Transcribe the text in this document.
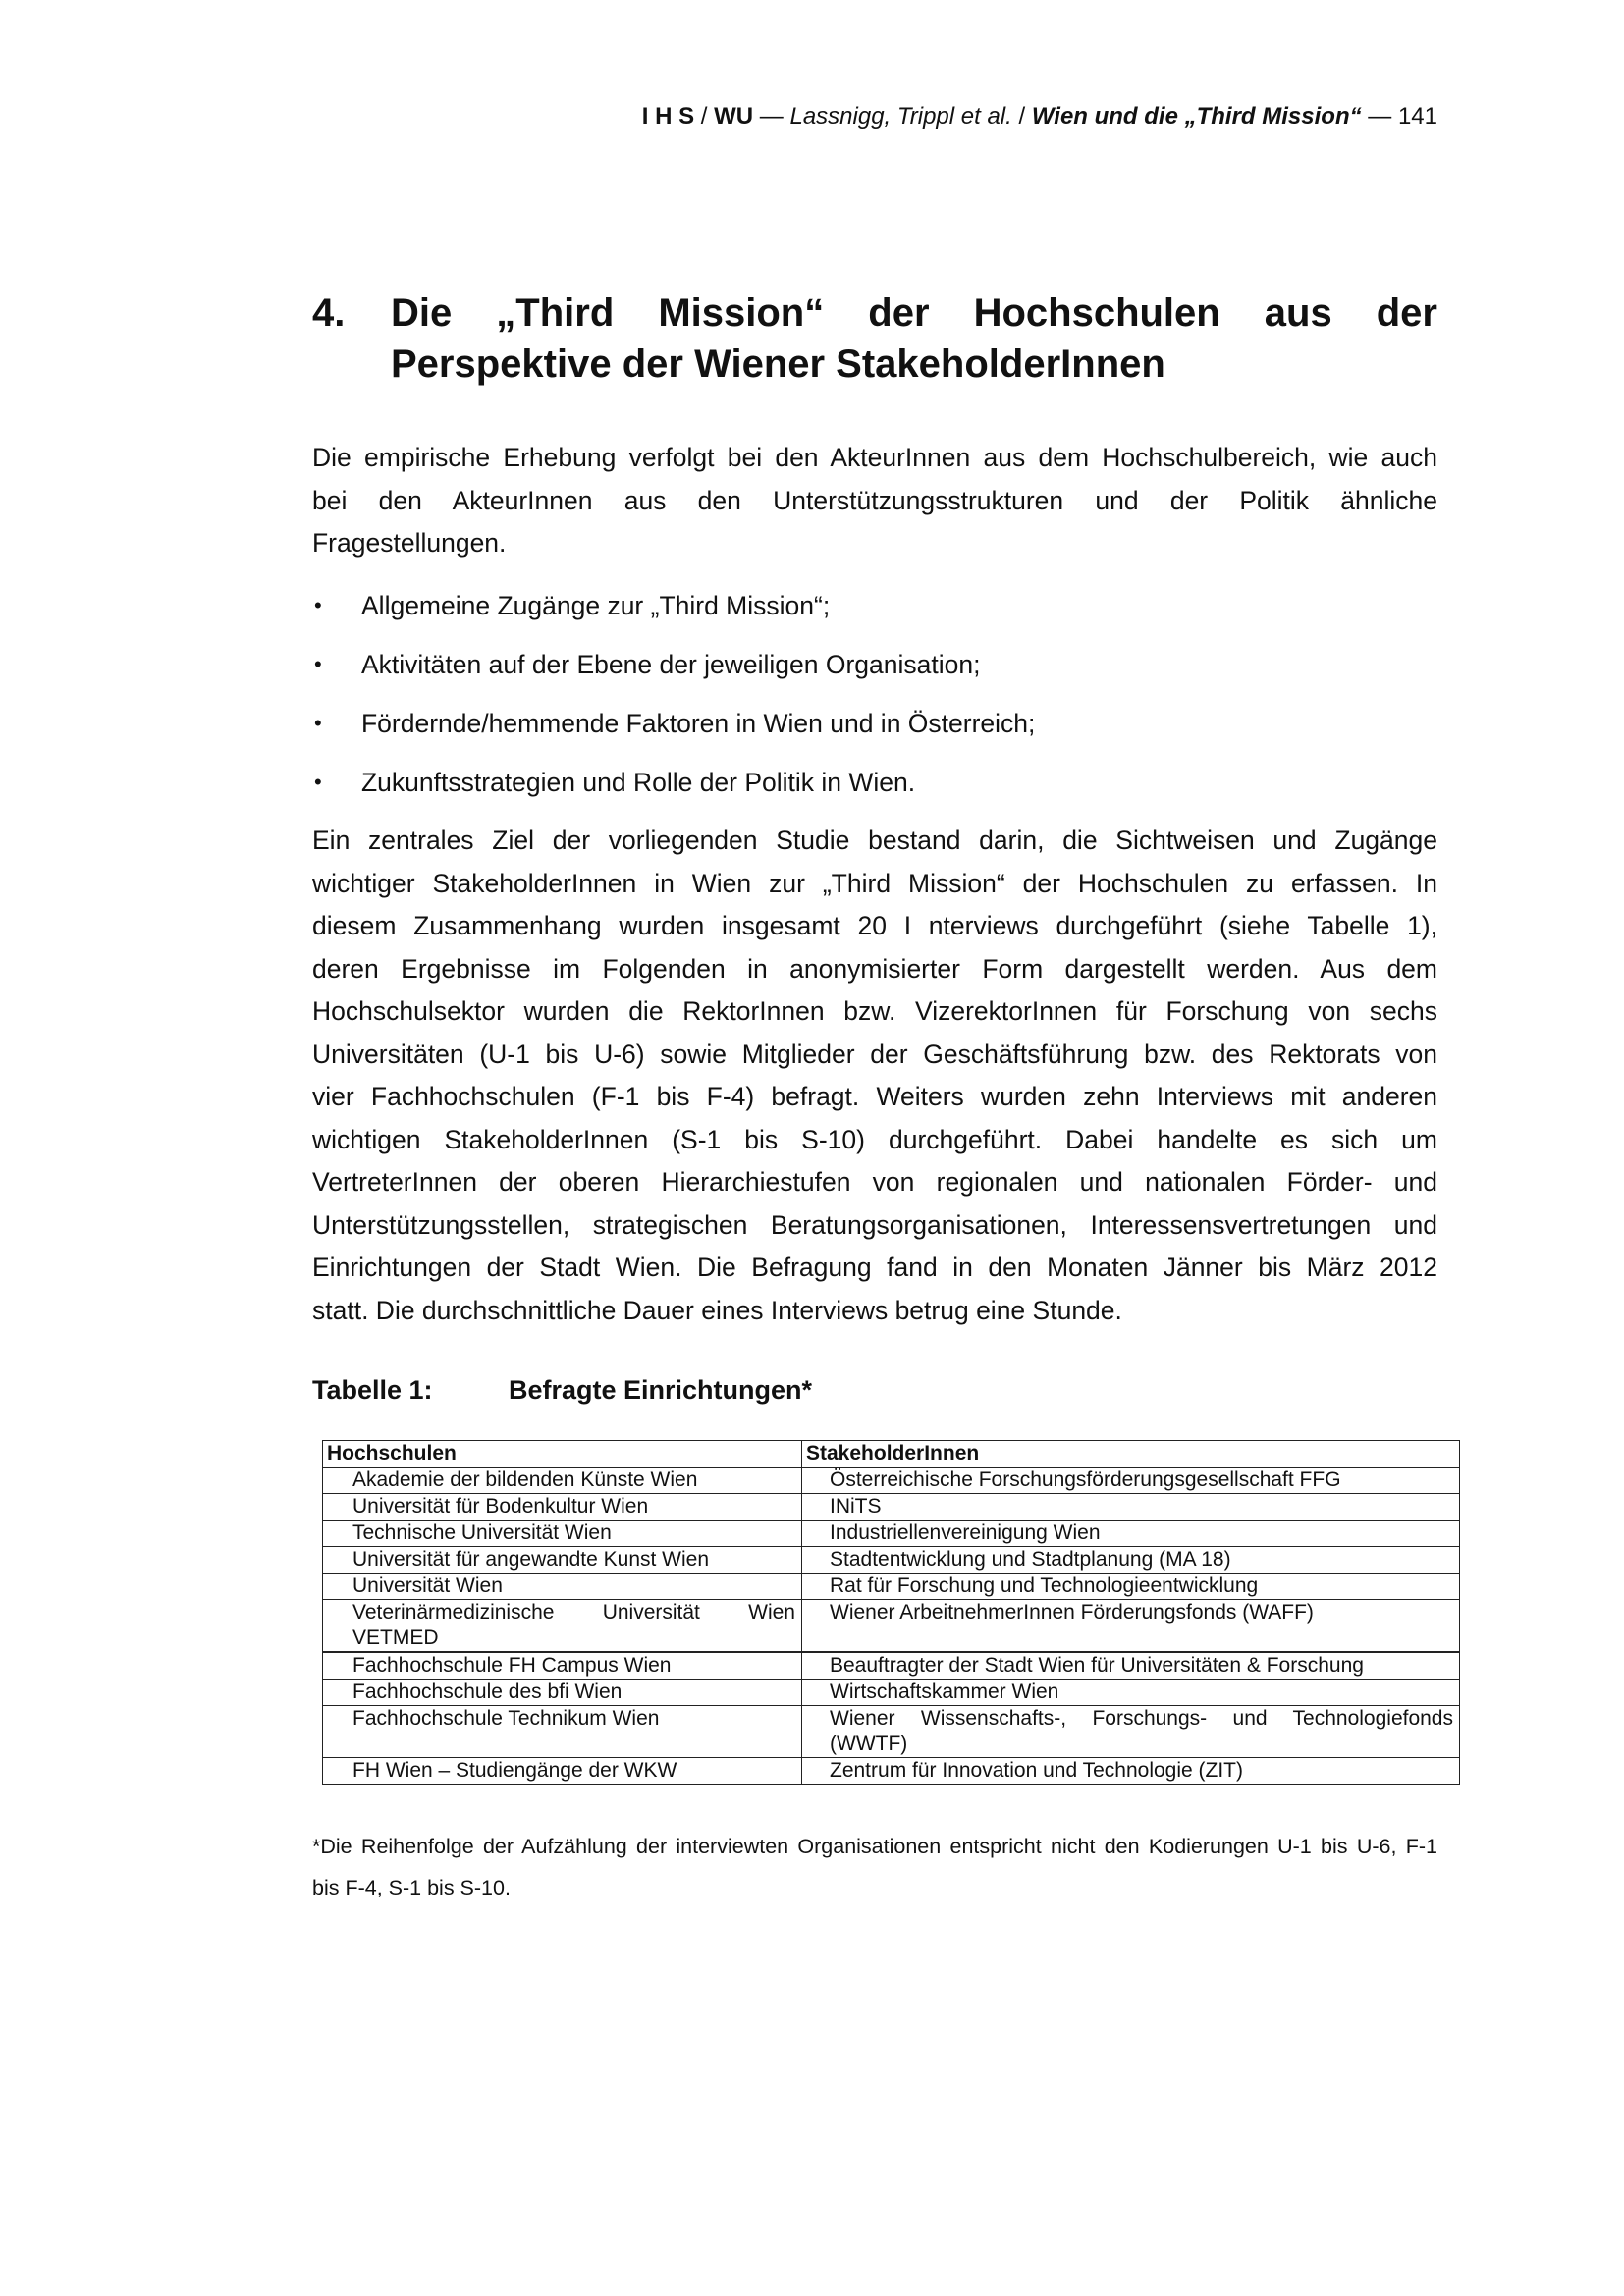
I H S / WU — Lassnigg, Trippl et al. / Wien und die „Third Mission“ — 141
4. Die „Third Mission“ der Hochschulen aus der
Perspektive der Wiener StakeholderInnen
Die empirische Erhebung verfolgt bei den AkteurInnen aus dem Hochschulbereich, wie auch
bei den AkteurInnen aus den Unterstützungsstrukturen und der Politik ähnliche
Fragestellungen.
•	Allgemeine Zugänge zur „Third Mission“;
•	Aktivitäten auf der Ebene der jeweiligen Organisation;
•	Fördernde/hemmende Faktoren in Wien und in Österreich;
•	Zukunftsstrategien und Rolle der Politik in Wien.
Ein zentrales Ziel der vorliegenden Studie bestand darin, die Sichtweisen und Zugänge
wichtiger StakeholderInnen in Wien zur „Third Mission“ der Hochschulen zu erfassen. In
diesem Zusammenhang wurden insgesamt 20 I nterviews durchgeführt (siehe Tabelle 1),
deren Ergebnisse im Folgenden in anonymisierter Form dargestellt werden. Aus dem
Hochschulsektor wurden die RektorInnen bzw. VizerektorInnen für Forschung von sechs
Universitäten (U-1 bis U-6) sowie Mitglieder der Geschäftsführung bzw. des Rektorats von
vier Fachhochschulen (F-1 bis F-4) befragt. Weiters wurden zehn Interviews mit anderen
wichtigen StakeholderInnen (S-1 bis S-10) durchgeführt. Dabei handelte es sich um
VertreterInnen der oberen Hierarchiestufen von regionalen und nationalen Förder- und
Unterstützungsstellen, strategischen Beratungsorganisationen, Interessensvertretungen und
Einrichtungen der Stadt Wien. Die Befragung fand in den Monaten Jänner bis März 2012
statt. Die durchschnittliche Dauer eines Interviews betrug eine Stunde.
Tabelle 1:	Befragte Einrichtungen*
Hochschulen	StakeholderInnen
Akademie der bildenden Künste Wien	Österreichische Forschungsförderungsgesellschaft FFG
Universität für Bodenkultur Wien	INiTS
Technische Universität Wien	Industriellenvereinigung Wien
Universität für angewandte Kunst Wien	Stadtentwicklung und Stadtplanung (MA 18)
Universität Wien	Rat für Forschung und Technologieentwicklung
Veterinärmedizinische Universität Wien VETMED	Wiener ArbeitnehmerInnen Förderungsfonds (WAFF)
Fachhochschule FH Campus Wien	Beauftragter der Stadt Wien für Universitäten & Forschung
Fachhochschule des bfi Wien	Wirtschaftskammer Wien
Fachhochschule Technikum Wien	Wiener Wissenschafts-, Forschungs- und Technologiefonds (WWTF)
FH Wien – Studiengänge der WKW	Zentrum für Innovation und Technologie (ZIT)
*Die Reihenfolge der Aufzählung der interviewten Organisationen entspricht nicht den Kodierungen U-1 bis U-6, F-1
bis F-4, S-1 bis S-10.
